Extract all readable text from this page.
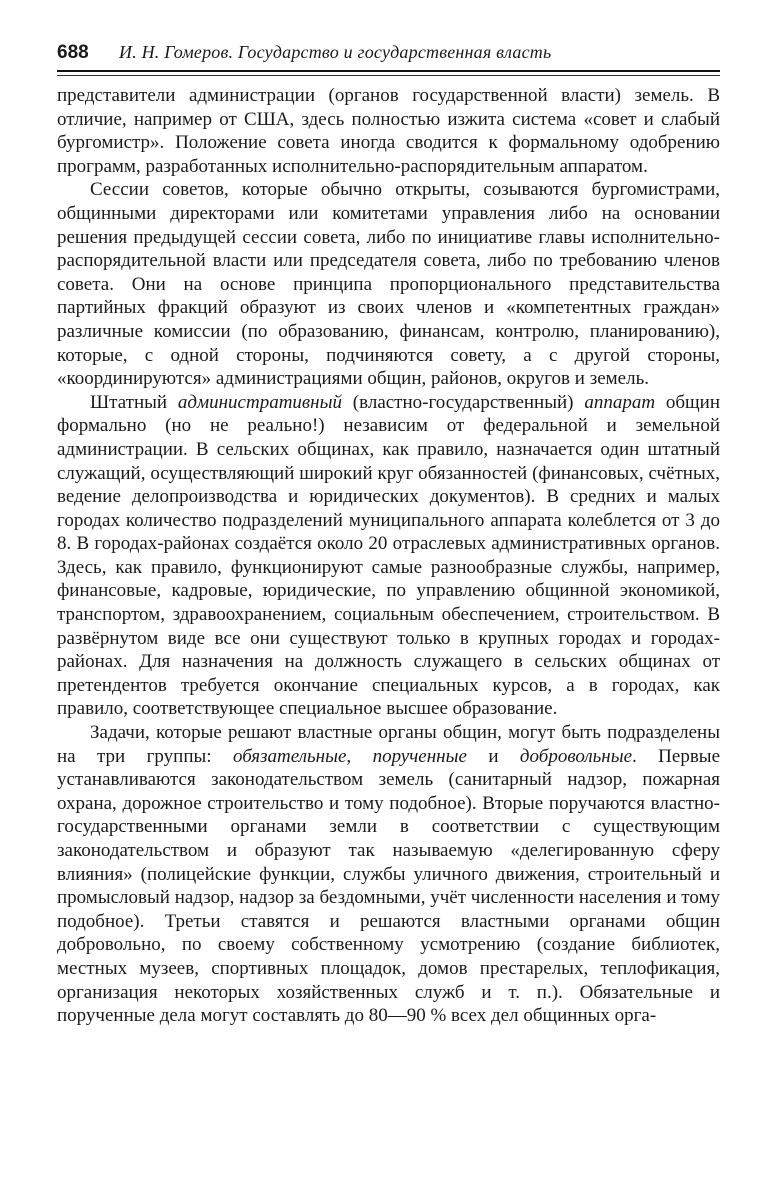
688 И. Н. Гомеров. Государство и государственная власть

представители администрации (органов государственной власти) земель. В отличие, например от США, здесь полностью изжита система «совет и слабый бургомистр». Положение совета иногда сводится к формальному одобрению программ, разработанных исполнительно-распорядительным аппаратом.

Сессии советов, которые обычно открыты, созываются бургомистрами, общинными директорами или комитетами управления либо на основании решения предыдущей сессии совета, либо по инициативе главы исполнительно-распорядительной власти или председателя совета, либо по требованию членов совета. Они на основе принципа пропорционального представительства партийных фракций образуют из своих членов и «компетентных граждан» различные комиссии (по образованию, финансам, контролю, планированию), которые, с одной стороны, подчиняются совету, а с другой стороны, «координируются» администрациями общин, районов, округов и земель.

Штатный административный (властно-государственный) аппарат общин формально (но не реально!) независим от федеральной и земельной администрации. В сельских общинах, как правило, назначается один штатный служащий, осуществляющий широкий круг обязанностей (финансовых, счётных, ведение делопроизводства и юридических документов). В средних и малых городах количество подразделений муниципального аппарата колеблется от 3 до 8. В городах-районах создаётся около 20 отраслевых административных органов. Здесь, как правило, функционируют самые разнообразные службы, например, финансовые, кадровые, юридические, по управлению общинной экономикой, транспортом, здравоохранением, социальным обеспечением, строительством. В развёрнутом виде все они существуют только в крупных городах и городах-районах. Для назначения на должность служащего в сельских общинах от претендентов требуется окончание специальных курсов, а в городах, как правило, соответствующее специальное высшее образование.

Задачи, которые решают властные органы общин, могут быть подразделены на три группы: обязательные, порученные и добровольные. Первые устанавливаются законодательством земель (санитарный надзор, пожарная охрана, дорожное строительство и тому подобное). Вторые поручаются властно-государственными органами земли в соответствии с существующим законодательством и образуют так называемую «делегированную сферу влияния» (полицейские функции, службы уличного движения, строительный и промысловый надзор, надзор за бездомными, учёт численности населения и тому подобное). Третьи ставятся и решаются властными органами общин добровольно, по своему собственному усмотрению (создание библиотек, местных музеев, спортивных площадок, домов престарелых, теплофикация, организация некоторых хозяйственных служб и т. п.). Обязательные и порученные дела могут составлять до 80—90 % всех дел общинных орга-
